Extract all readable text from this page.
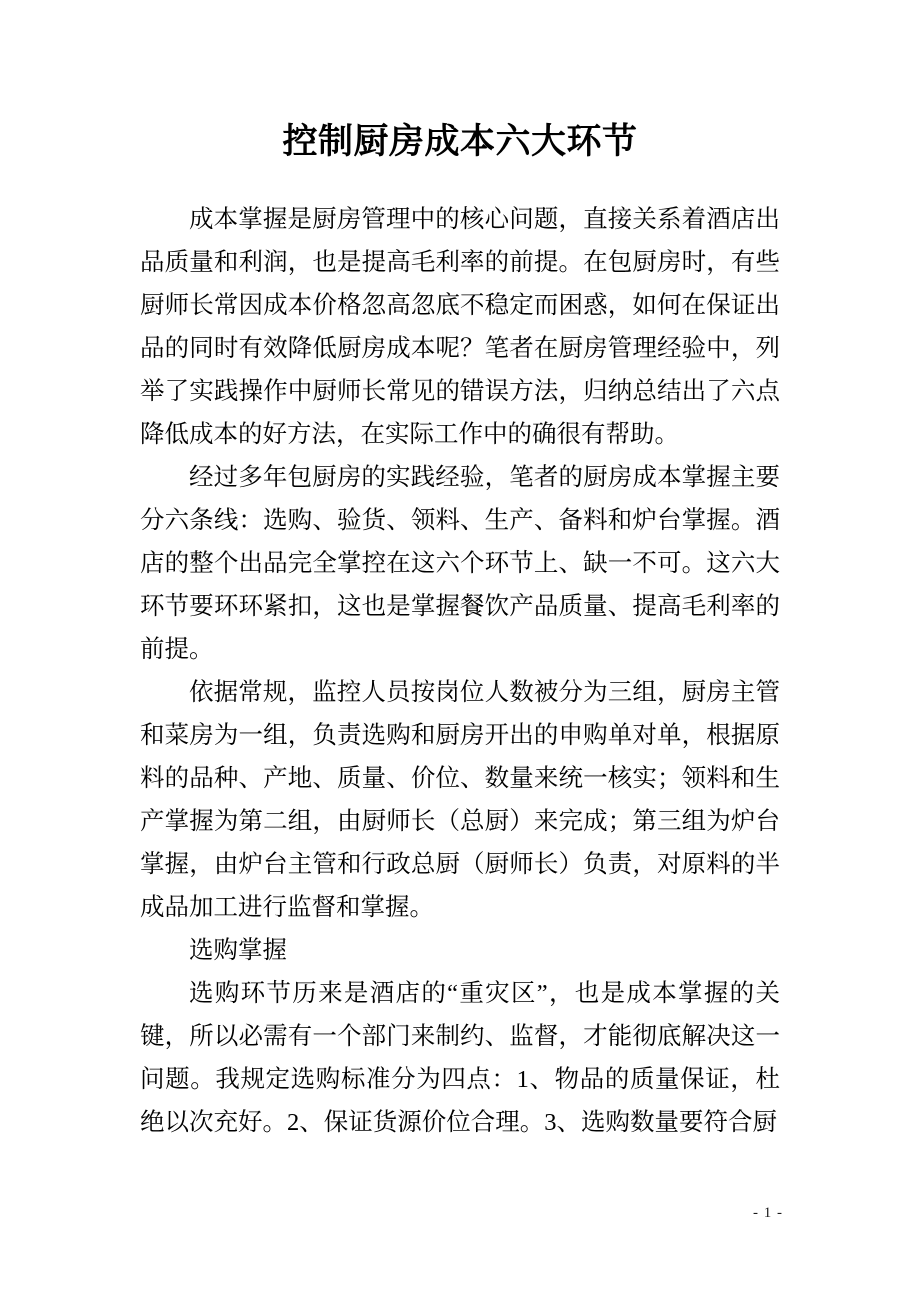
控制厨房成本六大环节

成本掌握是厨房管理中的核心问题，直接关系着酒店出品质量和利润，也是提高毛利率的前提。在包厨房时，有些厨师长常因成本价格忽高忽底不稳定而困惑，如何在保证出品的同时有效降低厨房成本呢？笔者在厨房管理经验中，列举了实践操作中厨师长常见的错误方法，归纳总结出了六点降低成本的好方法，在实际工作中的确很有帮助。

经过多年包厨房的实践经验，笔者的厨房成本掌握主要分六条线：选购、验货、领料、生产、备料和炉台掌握。酒店的整个出品完全掌控在这六个环节上、缺一不可。这六大环节要环环紧扣，这也是掌握餐饮产品质量、提高毛利率的前提。

依据常规，监控人员按岗位人数被分为三组，厨房主管和菜房为一组，负责选购和厨房开出的申购单对单，根据原料的品种、产地、质量、价位、数量来统一核实；领料和生产掌握为第二组，由厨师长（总厨）来完成；第三组为炉台掌握，由炉台主管和行政总厨（厨师长）负责，对原料的半成品加工进行监督和掌握。

选购掌握

选购环节历来是酒店的“重灾区”，也是成本掌握的关键，所以必需有一个部门来制约、监督，才能彻底解决这一问题。我规定选购标准分为四点：1、物品的质量保证，杜绝以次充好。2、保证货源价位合理。3、选购数量要符合厨

- 1 -
